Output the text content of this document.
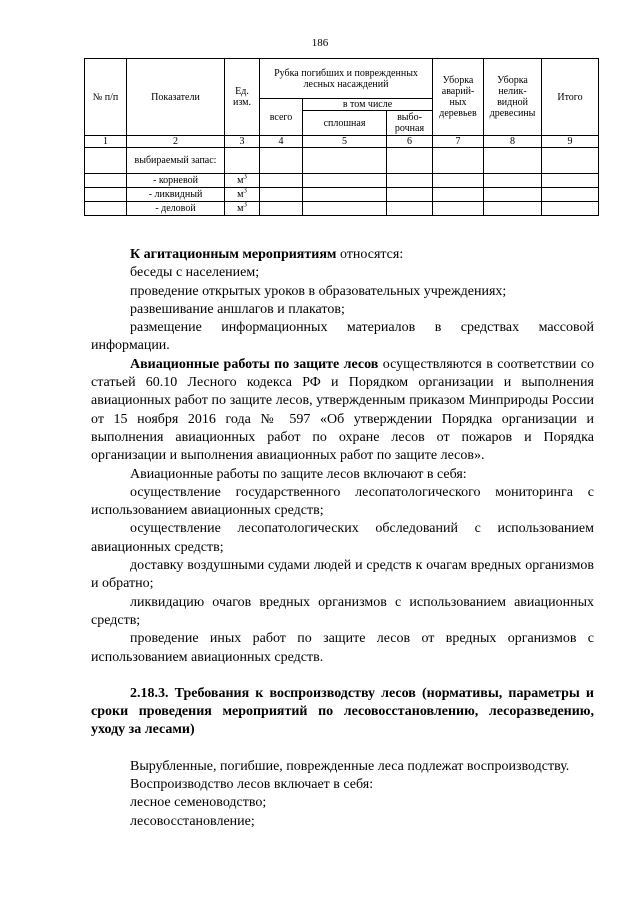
186
№ п/п	Показатели	Ед. изм.	Рубка погибших и поврежденных лесных насаждений			Уборка аварий-ных деревьев	Уборка нелик-видной древесины	Итого
			всего	в том числе				
				сплошная	выбо-рочная			
1	2	3	4	5	6	7	8	9
	выбираемый запас:							
	- корневой	$м^3$						
	- ликвидный	$м^3$						
	- деловой	$м^3$						

К агитационным мероприятиям относятся:

беседы с населением;

проведение открытых уроков в образовательных учреждениях;

развешивание аншлагов и плакатов;

размещение информационных материалов в средствах массовой информации.

Авиационные работы по защите лесов осуществляются в соответствии со статьей 60.10 Лесного кодекса РФ и Порядком организации и выполнения авиационных работ по защите лесов, утвержденным приказом Минприроды России от 15 ноября 2016 года № 597 «Об утверждении Порядка организации и выполнения авиационных работ по охране лесов от пожаров и Порядка организации и выполнения авиационных работ по защите лесов».

Авиационные работы по защите лесов включают в себя:

осуществление государственного лесопатологического мониторинга с использованием авиационных средств;

осуществление лесопатологических обследований с использованием авиационных средств;

доставку воздушными судами людей и средств к очагам вредных организмов и обратно;

ликвидацию очагов вредных организмов с использованием авиационных средств;

проведение иных работ по защите лесов от вредных организмов с использованием авиационных средств.

2.18.3. Требования к воспроизводству лесов (нормативы, параметры и сроки проведения мероприятий по лесовосстановлению, лесоразведению, уходу за лесами)

Вырубленные, погибшие, поврежденные леса подлежат воспроизводству.

Воспроизводство лесов включает в себя:

лесное семеноводство;

лесовосстановление;
